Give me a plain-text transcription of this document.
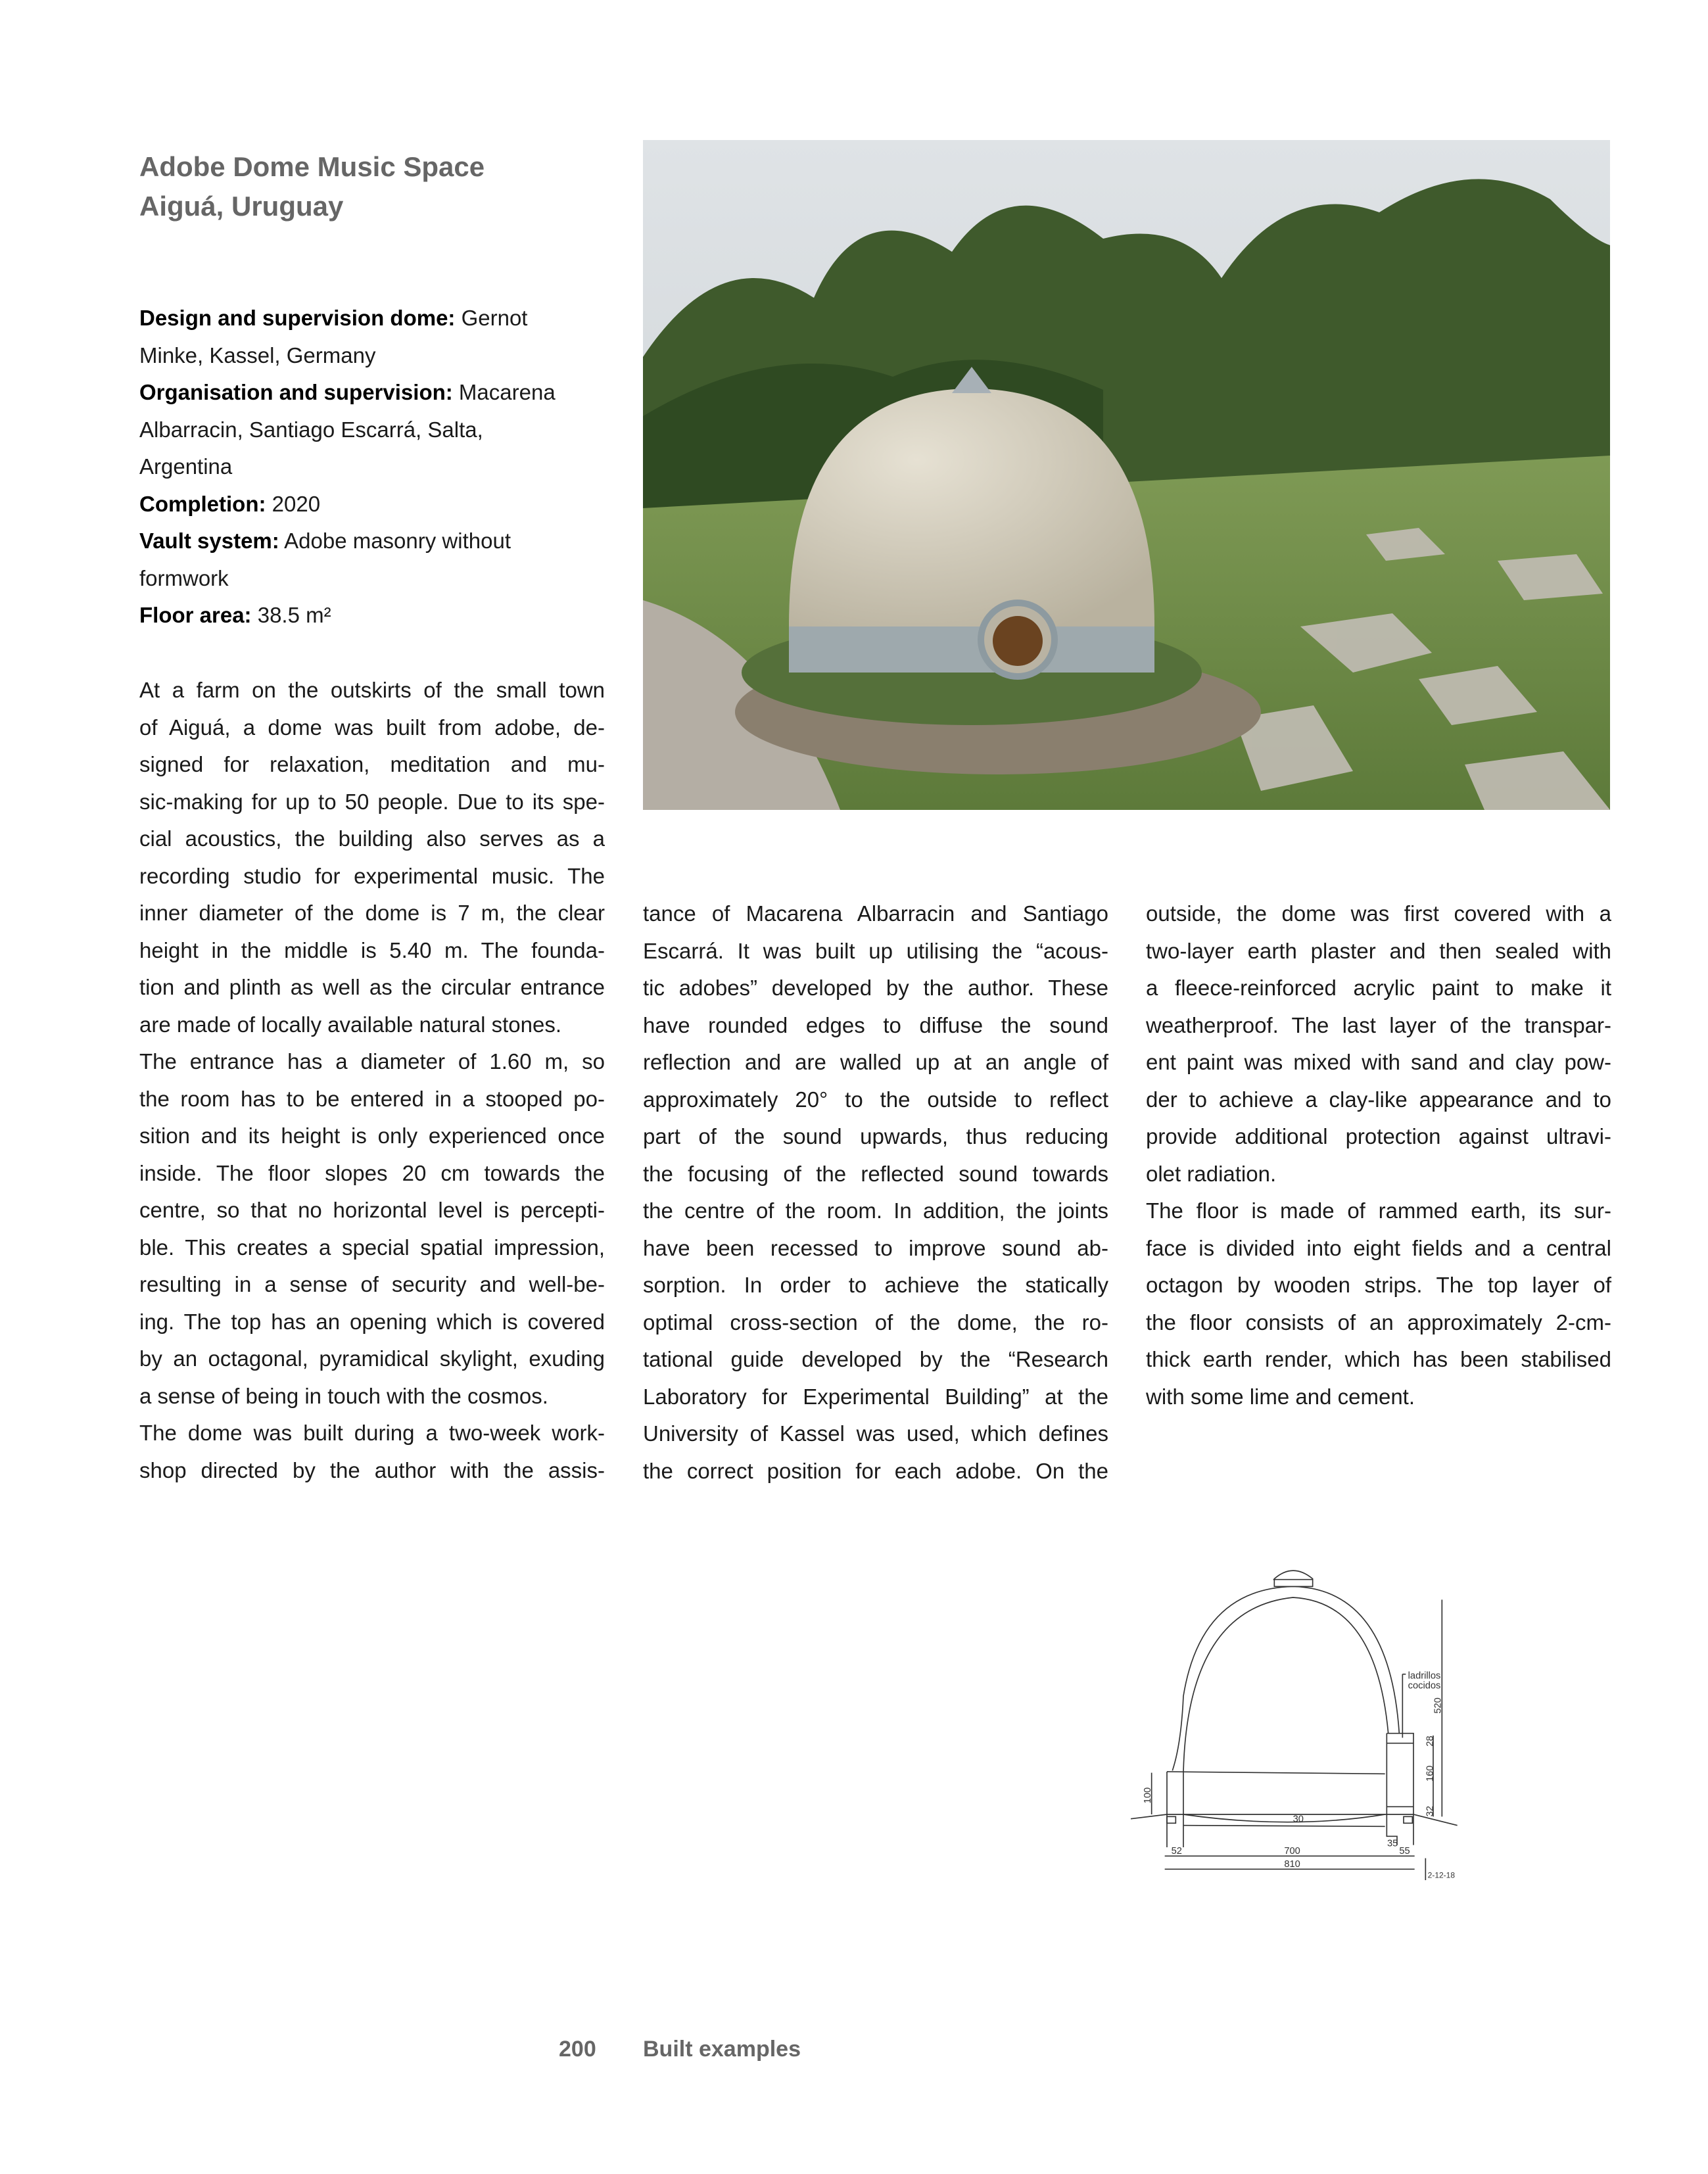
Adobe Dome Music Space
Aiguá, Uruguay
Design and supervision dome: Gernot
Minke, Kassel, Germany
Organisation and supervision: Macarena
Albarracin, Santiago Escarrá, Salta,
Argentina
Completion: 2020
Vault system: Adobe masonry without
formwork
Floor area: 38.5 m²
At a farm on the outskirts of the small town
of Aiguá, a dome was built from adobe, de-
signed for relaxation, meditation and mu-
sic-making for up to 50 people. Due to its spe-
cial acoustics, the building also serves as a
recording studio for experimental music. The
inner diameter of the dome is 7 m, the clear
height in the middle is 5.40 m. The founda-
tion and plinth as well as the circular entrance
are made of locally available natural stones.
The entrance has a diameter of 1.60 m, so
the room has to be entered in a stooped po-
sition and its height is only experienced once
inside. The floor slopes 20 cm towards the
centre, so that no horizontal level is percepti-
ble. This creates a special spatial impression,
resulting in a sense of security and well-be-
ing. The top has an opening which is covered
by an octagonal, pyramidical skylight, exuding
a sense of being in touch with the cosmos.
The dome was built during a two-week work-
shop directed by the author with the assis-
tance of Macarena Albarracin and Santiago
Escarrá. It was built up utilising the “acous-
tic adobes” developed by the author. These
have rounded edges to diffuse the sound
reflection and are walled up at an angle of
approximately 20° to the outside to reflect
part of the sound upwards, thus reducing
the focusing of the reflected sound towards
the centre of the room. In addition, the joints
have been recessed to improve sound ab-
sorption. In order to achieve the statically
optimal cross-section of the dome, the ro-
tational guide developed by the “Research
Laboratory for Experimental Building” at the
University of Kassel was used, which defines
the correct position for each adobe. On the
outside, the dome was first covered with a
two-layer earth plaster and then sealed with
a fleece-reinforced acrylic paint to make it
weatherproof. The last layer of the transpar-
ent paint was mixed with sand and clay pow-
der to achieve a clay-like appearance and to
provide additional protection against ultravi-
olet radiation.
The floor is made of rammed earth, its sur-
face is divided into eight fields and a central
octagon by wooden strips. The top layer of
the floor consists of an approximately 2-cm-
thick earth render, which has been stabilised
with some lime and cement.
ladrillos
cocidos
520
28
160
32
100
30
52	700
35
55
810
2-12-18
200 Built examples
